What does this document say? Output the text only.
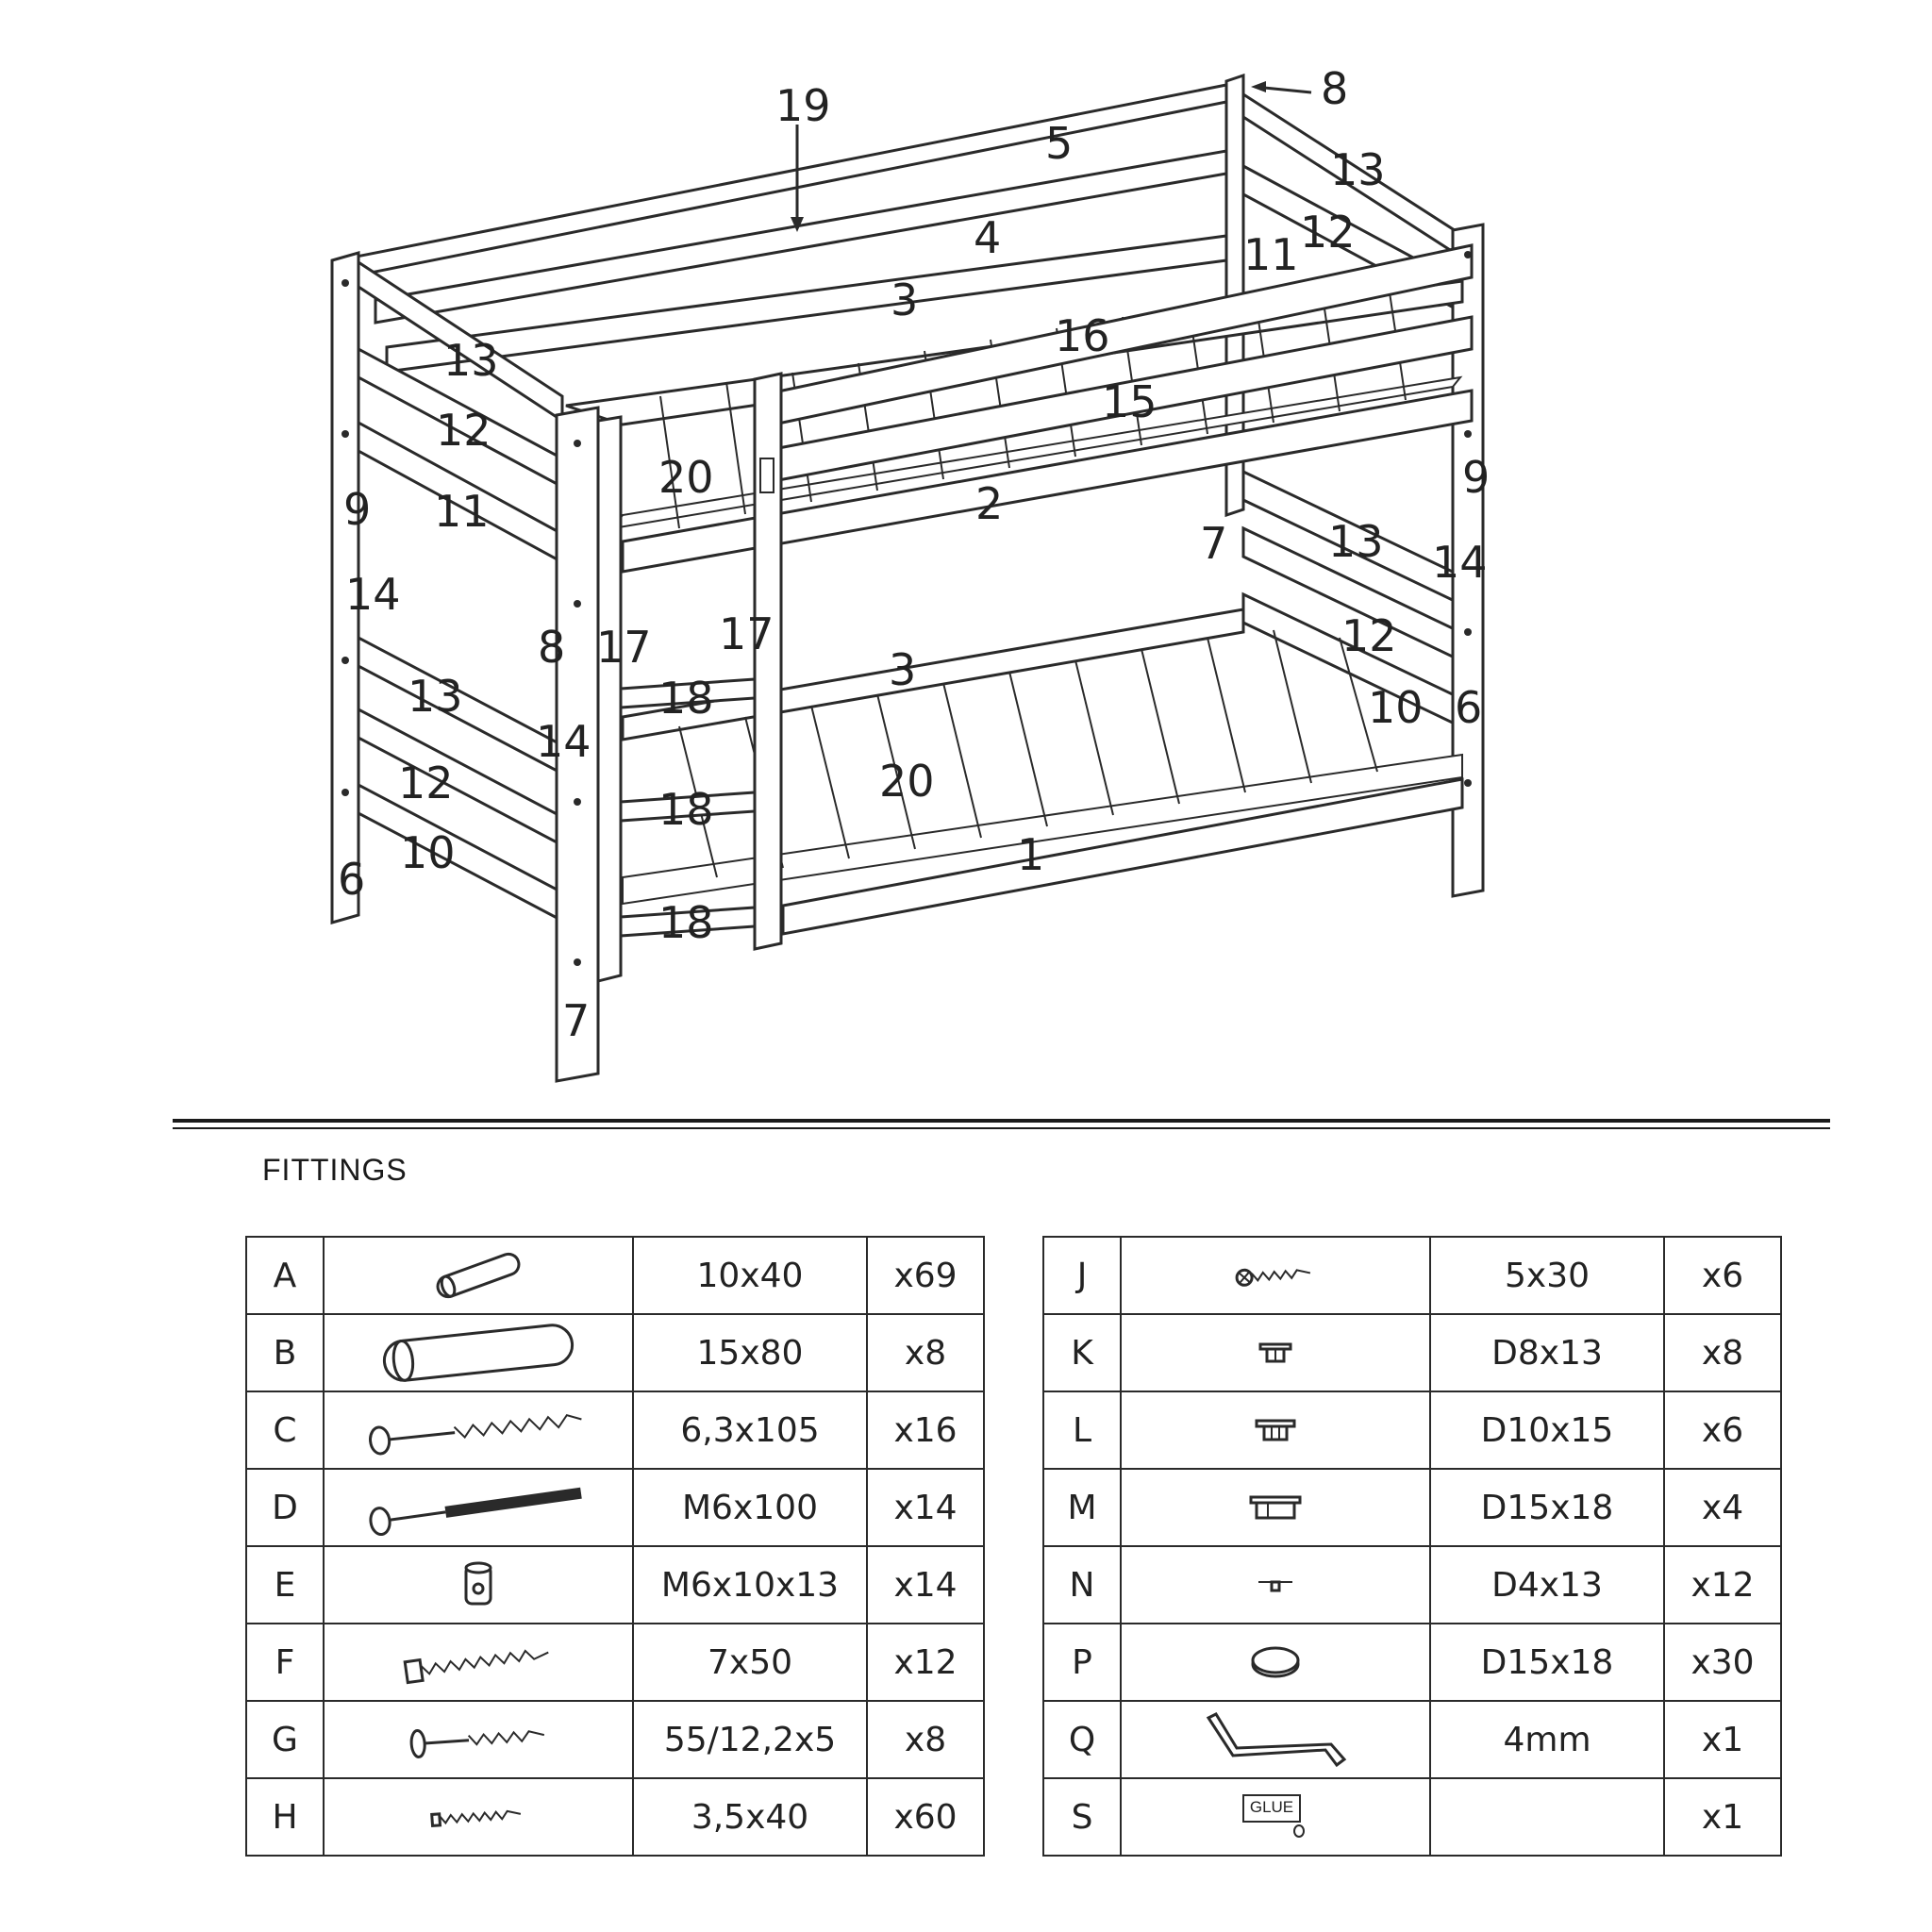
19
5
8
13
12
11
4
3
16
15
13
12
20
2
9 11
9
7 13 14
14
8 17 17	12
3
18
13	10 6
14
12	20
18
10	1
6
18
7
FITTINGS
A		10x40	x69
B		15x80	x8
C		6,3x105	x16
D		M6x100	x14
E		M6x10x13	x14
F		7x50	x12
G		55/12,2x5	x8
H		3,5x40	x60
J		5x30	x6
K		D8x13	x8
L		D10x15	x6
M		D15x18	x4
N		D4x13	x12
P		D15x18	x30
Q		4mm	x1
S	GLUE		x1
